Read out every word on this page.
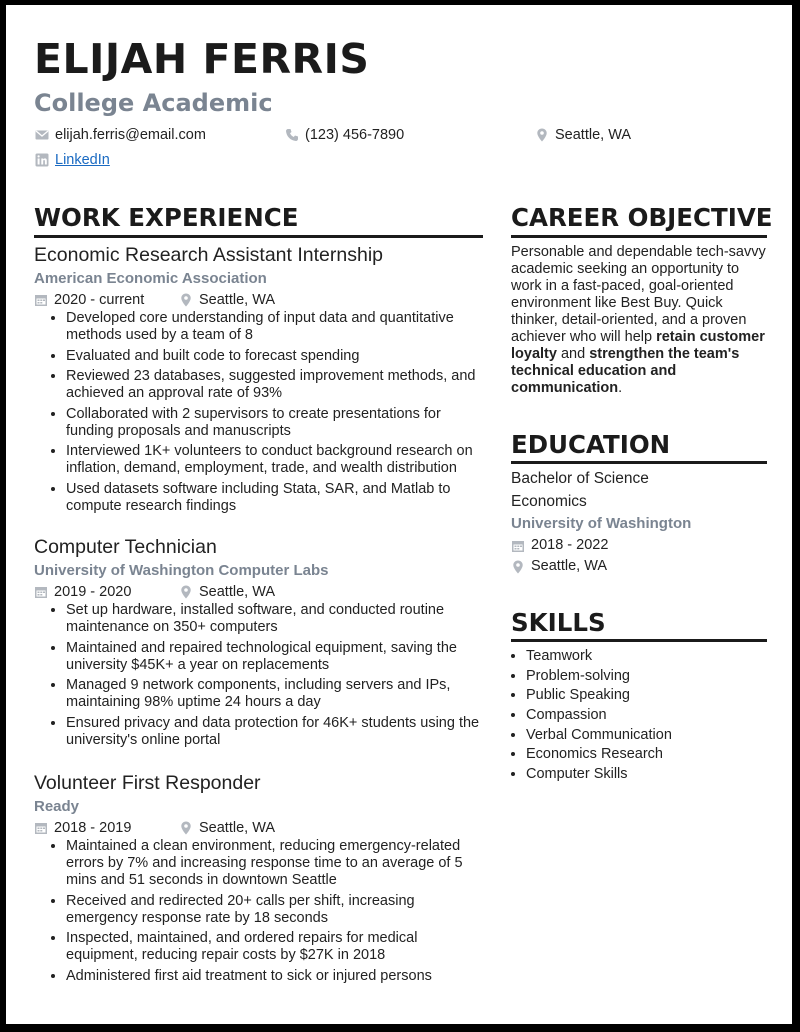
ELIJAH FERRIS
College Academic
elijah.ferris@email.com	(123) 456-7890	Seattle, WA
LinkedIn
WORK EXPERIENCE
Economic Research Assistant Internship
American Economic Association
2020 - current	Seattle, WA
• Developed core understanding of input data and quantitative methods used by a team of 8
• Evaluated and built code to forecast spending
• Reviewed 23 databases, suggested improvement methods, and achieved an approval rate of 93%
• Collaborated with 2 supervisors to create presentations for funding proposals and manuscripts
• Interviewed 1K+ volunteers to conduct background research on inflation, demand, employment, trade, and wealth distribution
• Used datasets software including Stata, SAR, and Matlab to compute research findings
Computer Technician
University of Washington Computer Labs
2019 - 2020	Seattle, WA
• Set up hardware, installed software, and conducted routine maintenance on 350+ computers
• Maintained and repaired technological equipment, saving the university $45K+ a year on replacements
• Managed 9 network components, including servers and IPs, maintaining 98% uptime 24 hours a day
• Ensured privacy and data protection for 46K+ students using the university's online portal
Volunteer First Responder
Ready
2018 - 2019	Seattle, WA
• Maintained a clean environment, reducing emergency-related errors by 7% and increasing response time to an average of 5 mins and 51 seconds in downtown Seattle
• Received and redirected 20+ calls per shift, increasing emergency response rate by 18 seconds
• Inspected, maintained, and ordered repairs for medical equipment, reducing repair costs by $27K in 2018
• Administered first aid treatment to sick or injured persons
CAREER OBJECTIVE
Personable and dependable tech-savvy academic seeking an opportunity to work in a fast-paced, goal-oriented environment like Best Buy. Quick thinker, detail-oriented, and a proven achiever who will help retain customer loyalty and strengthen the team's technical education and communication.
EDUCATION
Bachelor of Science
Economics
University of Washington
2018 - 2022
Seattle, WA
SKILLS
• Teamwork
• Problem-solving
• Public Speaking
• Compassion
• Verbal Communication
• Economics Research
• Computer Skills
